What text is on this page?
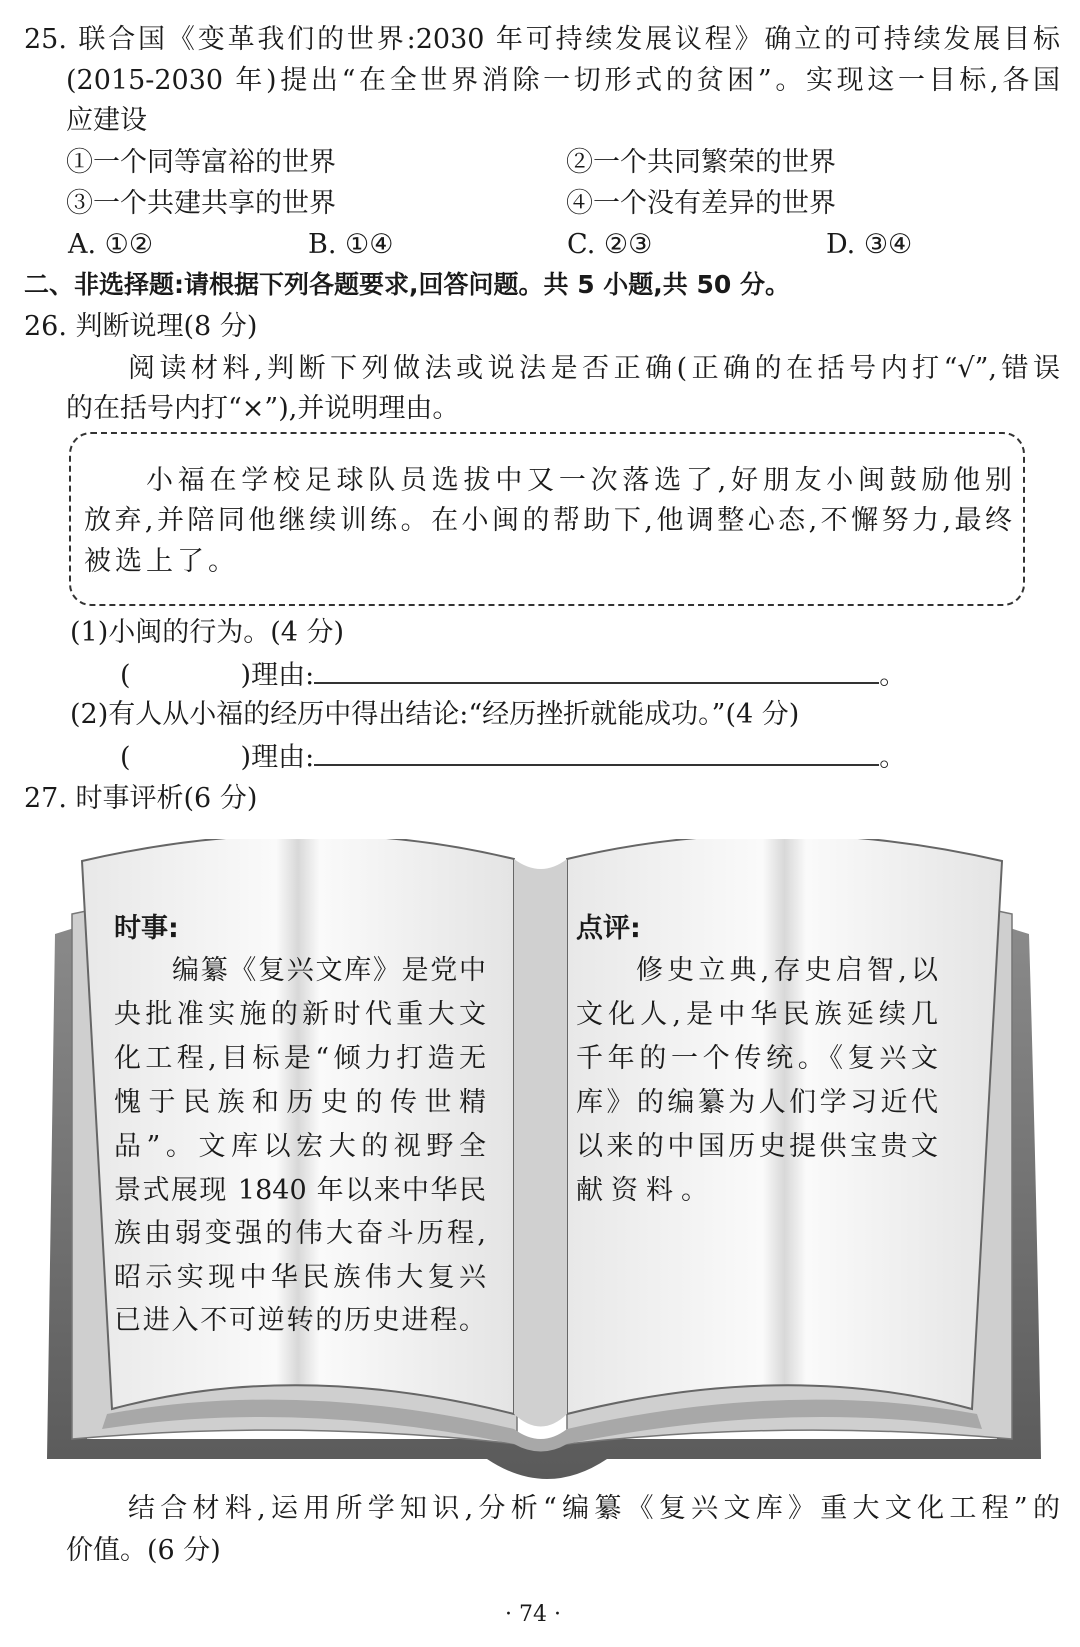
25. 联合国《变革我们的世界:2030 年可持续发展议程》确立的可持续发展目标
(2015-2030 年)提出“在全世界消除一切形式的贫困”。实现这一目标,各国
应建设
①一个同等富裕的世界	②一个共同繁荣的世界
③一个共建共享的世界	④一个没有差异的世界
A. ①②	B. ①④	C. ②③	D. ③④
二、非选择题:请根据下列各题要求,回答问题。共 5 小题,共 50 分。
26. 判断说理(8 分)
阅读材料,判断下列做法或说法是否正确(正确的在括号内打“√”,错误
的在括号内打“×”),并说明理由。
小福在学校足球队员选拔中又一次落选了,好朋友小闽鼓励他别
放弃,并陪同他继续训练。在小闽的帮助下,他调整心态,不懈努力,最终
被选上了。
(1)小闽的行为。(4 分)
(	)理由:	。
(2)有人从小福的经历中得出结论:“经历挫折就能成功。”(4 分)
(	)理由:	。
27. 时事评析(6 分)
时事:
编纂《复兴文库》是党中
央批准实施的新时代重大文
化工程,目标是“倾力打造无
愧于民族和历史的传世精
品”。文库以宏大的视野全
景式展现 1840 年以来中华民
族由弱变强的伟大奋斗历程,
昭示实现中华民族伟大复兴
已进入不可逆转的历史进程。
点评:
修史立典,存史启智,以
文化人,是中华民族延续几
千年的一个传统。《复兴文
库》的编纂为人们学习近代
以来的中国历史提供宝贵文
献资料。
结合材料,运用所学知识,分析“编纂《复兴文库》重大文化工程”的
价值。(6 分)
· 74 ·
